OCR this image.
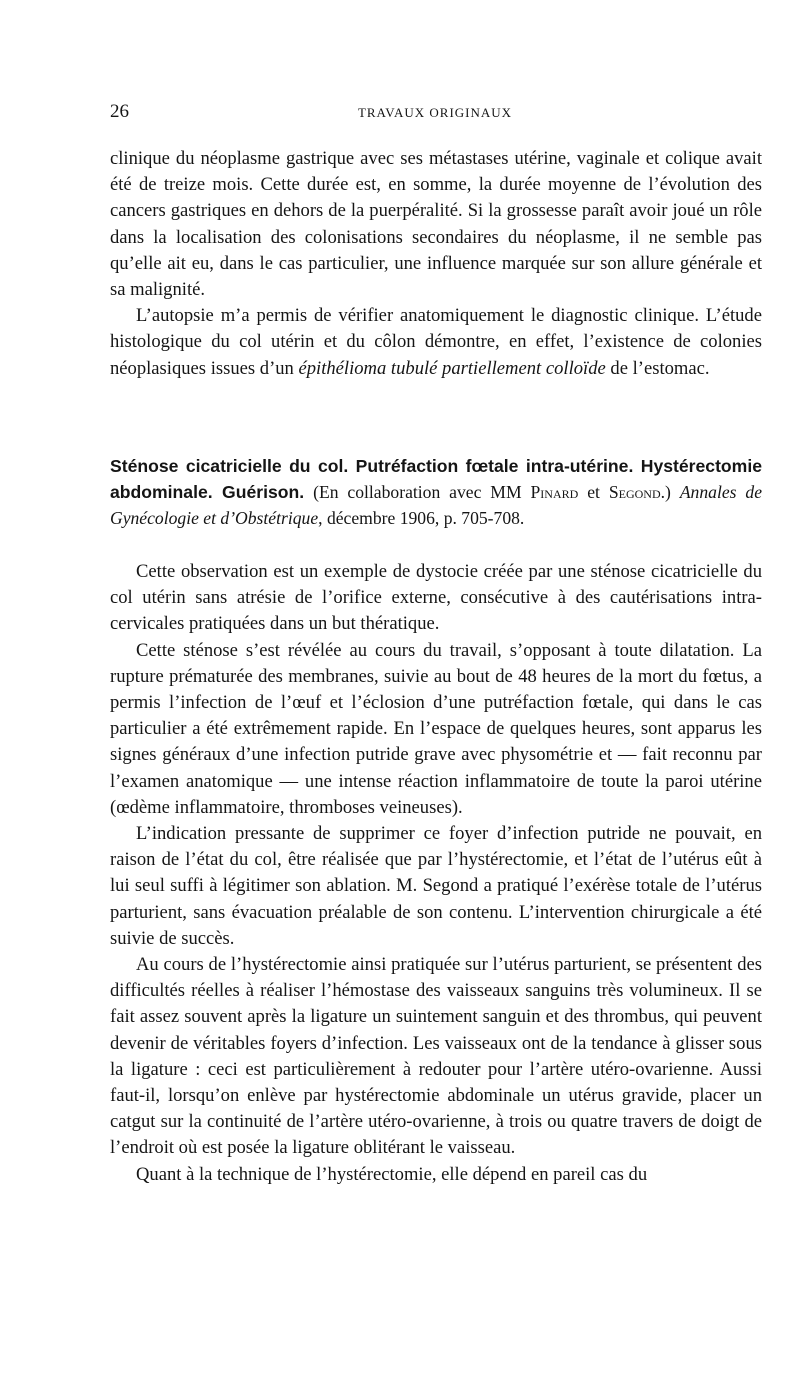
26	TRAVAUX ORIGINAUX

clinique du néoplasme gastrique avec ses métastases utérine, vaginale et colique avait été de treize mois. Cette durée est, en somme, la durée moyenne de l’évolution des cancers gastriques en dehors de la puerpéralité. Si la grossesse paraît avoir joué un rôle dans la localisation des colonisations secondaires du néoplasme, il ne semble pas qu’elle ait eu, dans le cas particulier, une influence marquée sur son allure générale et sa malignité.

L’autopsie m’a permis de vérifier anatomiquement le diagnostic clinique. L’étude histologique du col utérin et du côlon démontre, en effet, l’existence de colonies néoplasiques issues d’un épithélioma tubulé partiellement colloïde de l’estomac.

Sténose cicatricielle du col. Putréfaction fœtale intra-utérine. Hystérectomie abdominale. Guérison. (En collaboration avec MM Pinard et Segond.) Annales de Gynécologie et d’Obstétrique, décembre 1906, p. 705-708.

Cette observation est un exemple de dystocie créée par une sténose cicatricielle du col utérin sans atrésie de l’orifice externe, consécutive à des cautérisations intra-cervicales pratiquées dans un but thératique.

Cette sténose s’est révélée au cours du travail, s’opposant à toute dilatation. La rupture prématurée des membranes, suivie au bout de 48 heures de la mort du fœtus, a permis l’infection de l’œuf et l’éclosion d’une putréfaction fœtale, qui dans le cas particulier a été extrêmement rapide. En l’espace de quelques heures, sont apparus les signes généraux d’une infection putride grave avec physométrie et — fait reconnu par l’examen anatomique — une intense réaction inflammatoire de toute la paroi utérine (œdème inflammatoire, thromboses veineuses).

L’indication pressante de supprimer ce foyer d’infection putride ne pouvait, en raison de l’état du col, être réalisée que par l’hystérectomie, et l’état de l’utérus eût à lui seul suffi à légitimer son ablation. M. Segond a pratiqué l’exérèse totale de l’utérus parturient, sans évacuation préalable de son contenu. L’intervention chirurgicale a été suivie de succès.

Au cours de l’hystérectomie ainsi pratiquée sur l’utérus parturient, se présentent des difficultés réelles à réaliser l’hémostase des vaisseaux sanguins très volumineux. Il se fait assez souvent après la ligature un suintement sanguin et des thrombus, qui peuvent devenir de véritables foyers d’infection. Les vaisseaux ont de la tendance à glisser sous la ligature : ceci est particulièrement à redouter pour l’artère utéro-ovarienne. Aussi faut-il, lorsqu’on enlève par hystérectomie abdominale un utérus gravide, placer un catgut sur la continuité de l’artère utéro-ovarienne, à trois ou quatre travers de doigt de l’endroit où est posée la ligature oblitérant le vaisseau.

Quant à la technique de l’hystérectomie, elle dépend en pareil cas du
